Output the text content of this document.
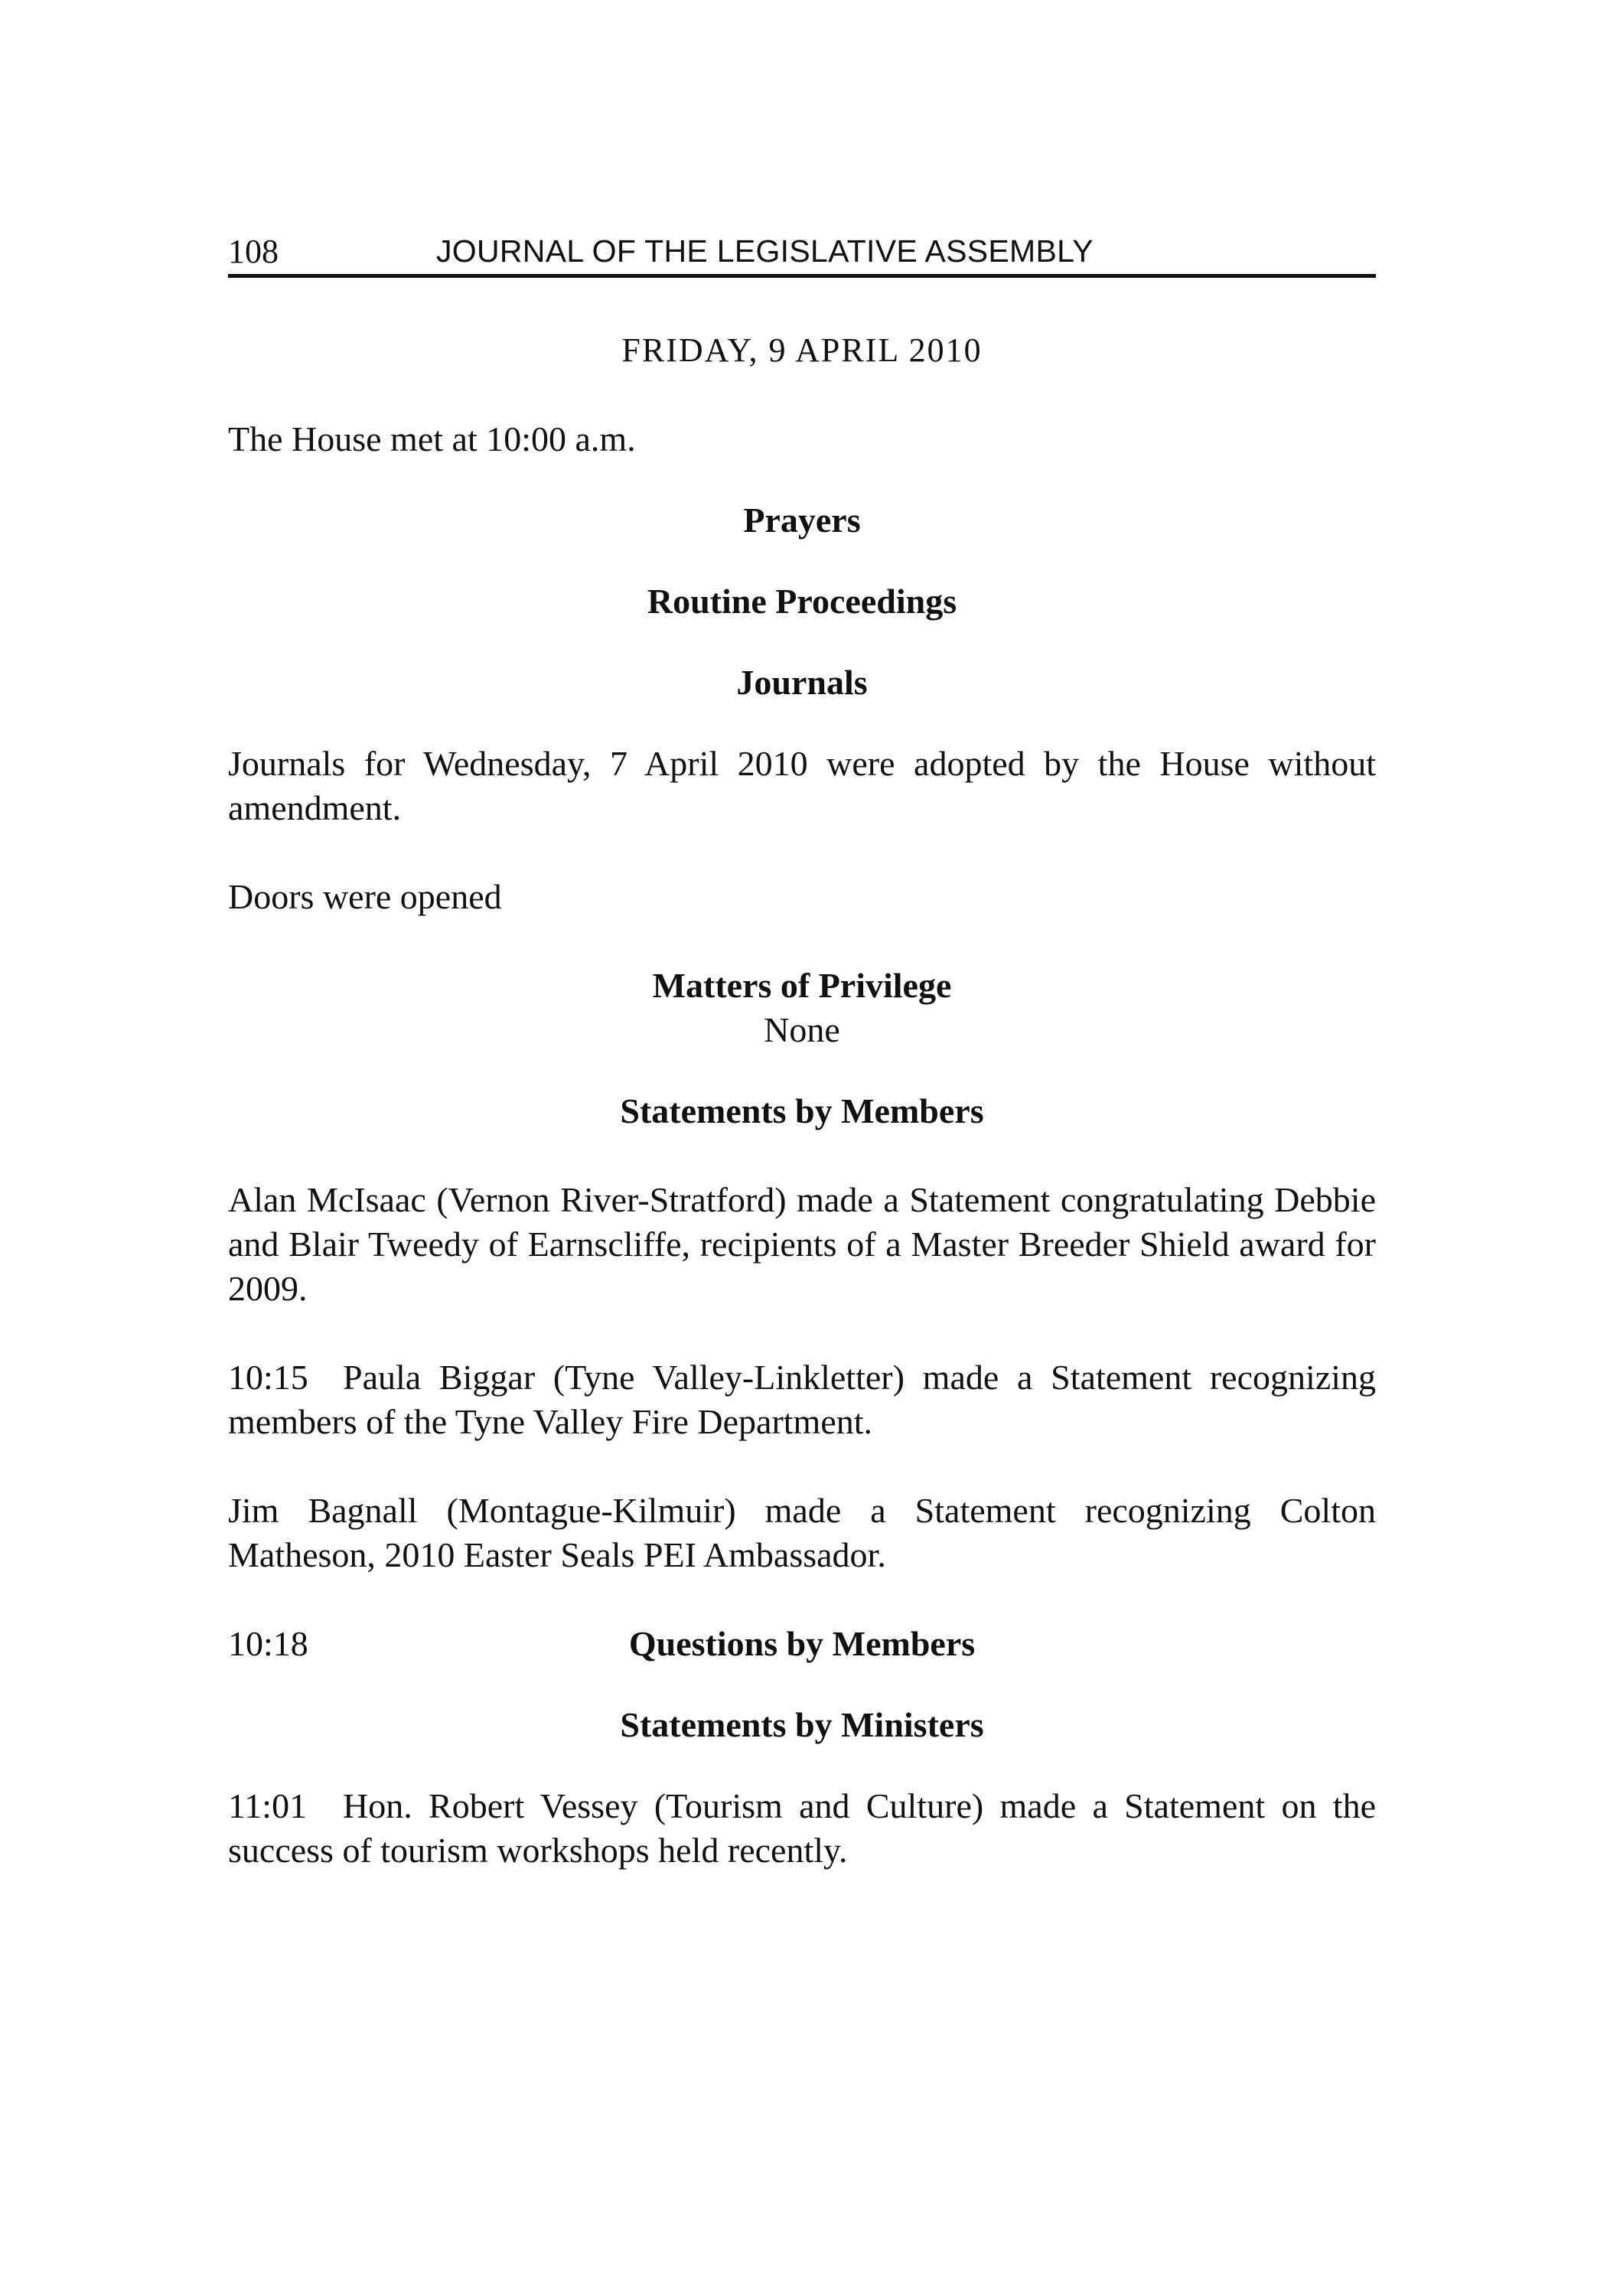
108	JOURNAL OF THE LEGISLATIVE ASSEMBLY

FRIDAY, 9 APRIL 2010

The House met at 10:00 a.m.

Prayers

Routine Proceedings

Journals

Journals for Wednesday, 7 April 2010 were adopted by the House without amendment.

Doors were opened

Matters of Privilege

None

Statements by Members

Alan McIsaac (Vernon River-Stratford) made a Statement congratulating Debbie and Blair Tweedy of Earnscliffe, recipients of a Master Breeder Shield award for 2009.

10:15 Paula Biggar (Tyne Valley-Linkletter) made a Statement recognizing members of the Tyne Valley Fire Department.

Jim Bagnall (Montague-Kilmuir) made a Statement recognizing Colton Matheson, 2010 Easter Seals PEI Ambassador.

10:18	Questions by Members

Statements by Ministers

11:01 Hon. Robert Vessey (Tourism and Culture) made a Statement on the success of tourism workshops held recently.
